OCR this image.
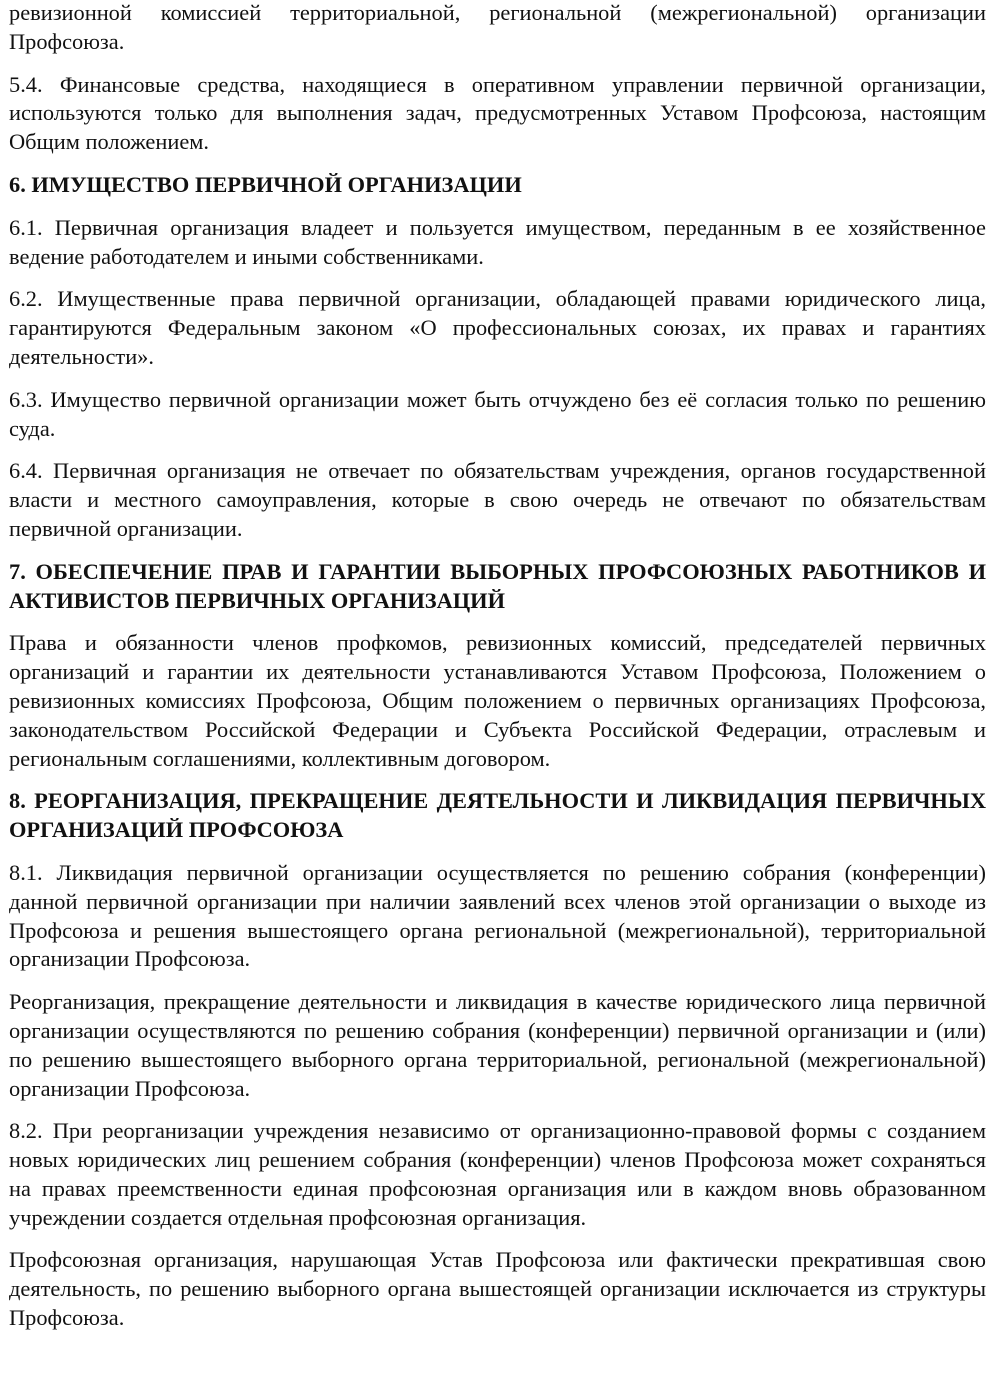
ревизионной комиссией территориальной, региональной (межрегиональной) организации Профсоюза.

5.4. Финансовые средства, находящиеся в оперативном управлении первичной организации, используются только для выполнения задач, предусмотренных Уставом Профсоюза, настоящим Общим положением.

6. ИМУЩЕСТВО ПЕРВИЧНОЙ ОРГАНИЗАЦИИ

6.1. Первичная организация владеет и пользуется имуществом, переданным в ее хозяйственное ведение работодателем и иными собственниками.

6.2. Имущественные права первичной организации, обладающей правами юридического лица, гарантируются Федеральным законом «О профессиональных союзах, их правах и гарантиях деятельности».

6.3. Имущество первичной организации может быть отчуждено без её согласия только по решению суда.

6.4. Первичная организация не отвечает по обязательствам учреждения, органов государственной власти и местного самоуправления, которые в свою очередь не отвечают по обязательствам первичной организации.

7. ОБЕСПЕЧЕНИЕ ПРАВ И ГАРАНТИИ ВЫБОРНЫХ ПРОФСОЮЗНЫХ РАБОТНИКОВ И АКТИВИСТОВ ПЕРВИЧНЫХ ОРГАНИЗАЦИЙ

Права и обязанности членов профкомов, ревизионных комиссий, председателей первичных организаций и гарантии их деятельности устанавливаются Уставом Профсоюза, Положением о ревизионных комиссиях Профсоюза, Общим положением о первичных организациях Профсоюза, законодательством Российской Федерации и Субъекта Российской Федерации, отраслевым и региональным соглашениями, коллективным договором.

8. РЕОРГАНИЗАЦИЯ, ПРЕКРАЩЕНИЕ ДЕЯТЕЛЬНОСТИ И ЛИКВИДАЦИЯ ПЕРВИЧНЫХ ОРГАНИЗАЦИЙ ПРОФСОЮЗА

8.1. Ликвидация первичной организации осуществляется по решению собрания (конференции) данной первичной организации при наличии заявлений всех членов этой организации о выходе из Профсоюза и решения вышестоящего органа региональной (межрегиональной), территориальной организации Профсоюза.

Реорганизация, прекращение деятельности и ликвидация в качестве юридического лица первичной организации осуществляются по решению собрания (конференции) первичной организации и (или) по решению вышестоящего выборного органа территориальной, региональной (межрегиональной) организации Профсоюза.

8.2. При реорганизации учреждения независимо от организационно-правовой формы с созданием новых юридических лиц решением собрания (конференции) членов Профсоюза может сохраняться на правах преемственности единая профсоюзная организация или в каждом вновь образованном учреждении создается отдельная профсоюзная организация.

Профсоюзная организация, нарушающая Устав Профсоюза или фактически прекратившая свою деятельность, по решению выборного органа вышестоящей организации исключается из структуры Профсоюза.
